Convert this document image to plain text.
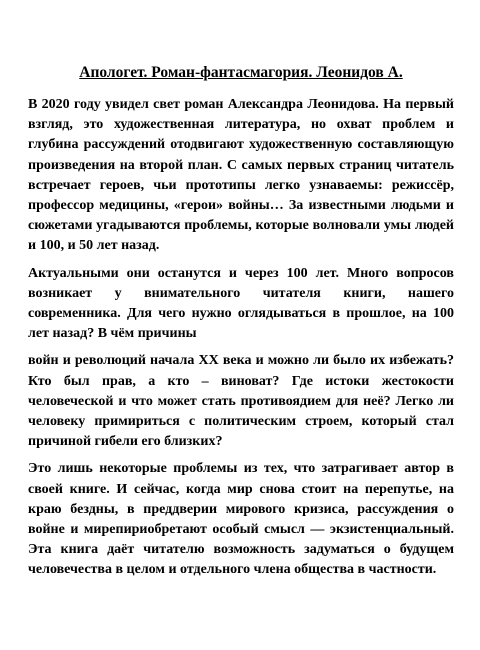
Апологет. Роман-фантасмагория. Леонидов А.

В 2020 году увидел свет роман Александра Леонидова. На первый взгляд, это художественная литература, но охват проблем и глубина рассуждений отодвигают художественную составляющую произведения на второй план. С самых первых страниц читатель встречает героев, чьи прототипы легко узнаваемы: режиссёр, профессор медицины, «герои» войны… За известными людьми и сюжетами угадываются проблемы, которые волновали умы людей и 100, и 50 лет назад.

Актуальными они останутся и через 100 лет. Много вопросов возникает у внимательного читателя книги, нашего современника. Для чего нужно оглядываться в прошлое, на 100 лет назад? В чём причины

войн и революций начала XX века и можно ли было их избежать? Кто был прав, а кто – виноват? Где истоки жестокости человеческой и что может стать противоядием для неё? Легко ли человеку примириться с политическим строем, который стал причиной гибели его близких?

Это лишь некоторые проблемы из тех, что затрагивает автор в своей книге. И сейчас, когда мир снова стоит на перепутье, на краю бездны, в преддверии мирового кризиса, рассуждения о войне и мирепириобретают особый смысл — экзистенциальный. Эта книга даёт читателю возможность задуматься о будущем человечества в целом и отдельного члена общества в частности.
